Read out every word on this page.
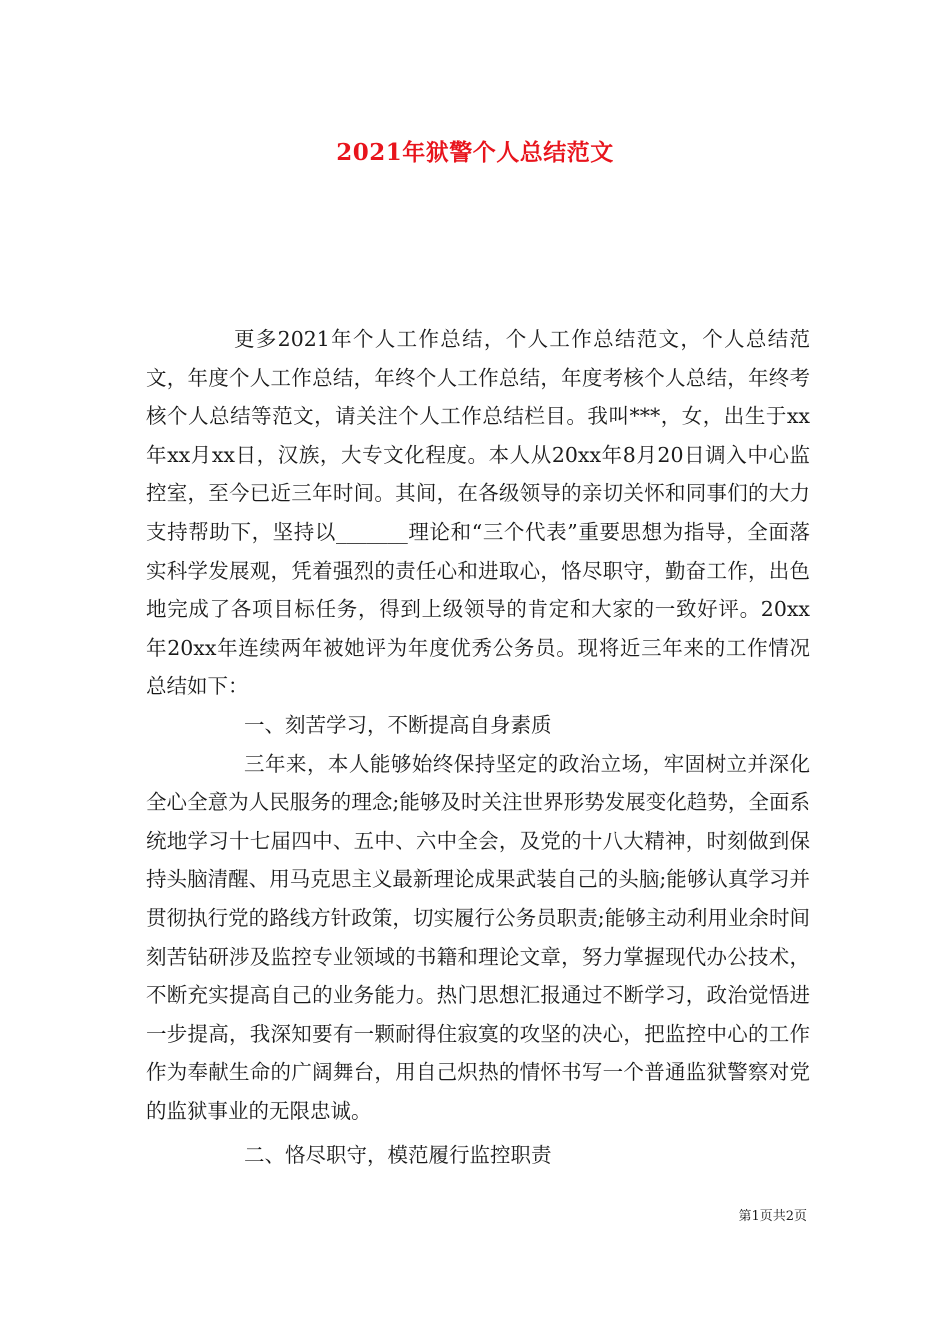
2021年狱警个人总结范文

更多2021年个人工作总结，个人工作总结范文，个人总结范文，年度个人工作总结，年终个人工作总结，年度考核个人总结，年终考核个人总结等范文，请关注个人工作总结栏目。我叫***，女，出生于xx年xx月xx日，汉族，大专文化程度。本人从20xx年8月20日调入中心监控室，至今已近三年时间。其间，在各级领导的亲切关怀和同事们的大力支持帮助下，坚持以_______理论和“三个代表”重要思想为指导，全面落实科学发展观，凭着强烈的责任心和进取心，恪尽职守，勤奋工作，出色地完成了各项目标任务，得到上级领导的肯定和大家的一致好评。20xx年20xx年连续两年被她评为年度优秀公务员。现将近三年来的工作情况总结如下：

一、刻苦学习，不断提高自身素质

三年来，本人能够始终保持坚定的政治立场，牢固树立并深化全心全意为人民服务的理念;能够及时关注世界形势发展变化趋势，全面系统地学习十七届四中、五中、六中全会，及党的十八大精神，时刻做到保持头脑清醒、用马克思主义最新理论成果武装自己的头脑;能够认真学习并贯彻执行党的路线方针政策，切实履行公务员职责;能够主动利用业余时间刻苦钻研涉及监控专业领域的书籍和理论文章，努力掌握现代办公技术，不断充实提高自己的业务能力。热门思想汇报通过不断学习，政治觉悟进一步提高，我深知要有一颗耐得住寂寞的攻坚的决心，把监控中心的工作作为奉献生命的广阔舞台，用自己炽热的情怀书写一个普通监狱警察对党的监狱事业的无限忠诚。

二、恪尽职守，模范履行监控职责

第1页共2页
